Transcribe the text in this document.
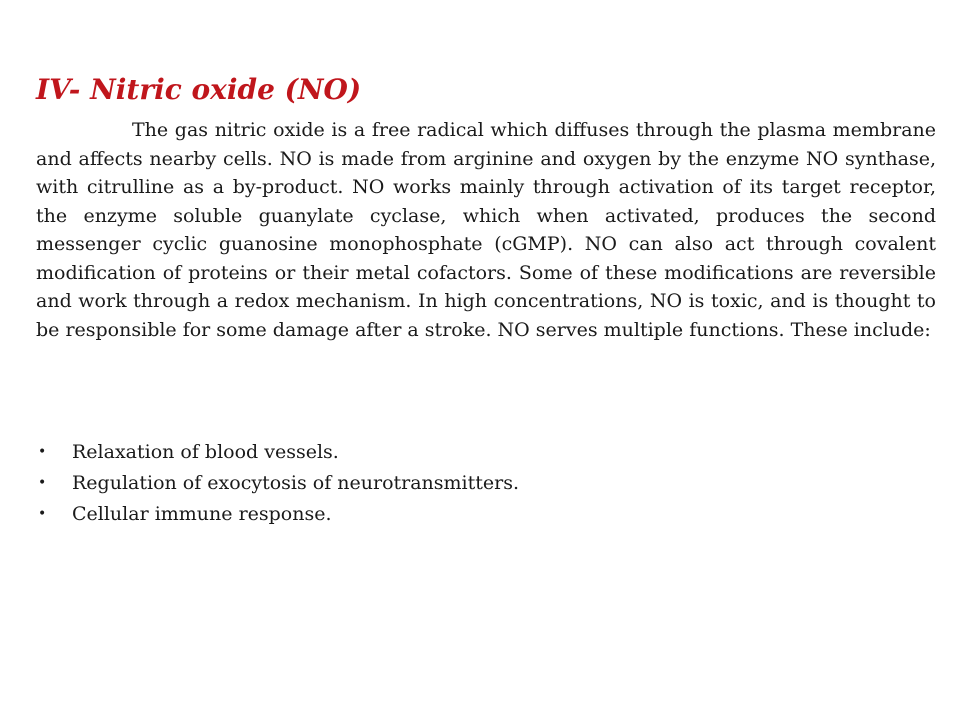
IV- Nitric oxide (NO)

The gas nitric oxide is a free radical which diffuses through the plasma membrane and affects nearby cells. NO is made from arginine and oxygen by the enzyme NO synthase, with citrulline as a by-product. NO works mainly through activation of its target receptor, the enzyme soluble guanylate cyclase, which when activated, produces the second messenger cyclic guanosine monophosphate (cGMP). NO can also act through covalent modification of proteins or their metal cofactors. Some of these modifications are reversible and work through a redox mechanism. In high concentrations, NO is toxic, and is thought to be responsible for some damage after a stroke. NO serves multiple functions. These include:

• Relaxation of blood vessels.
• Regulation of exocytosis of neurotransmitters.
• Cellular immune response.
